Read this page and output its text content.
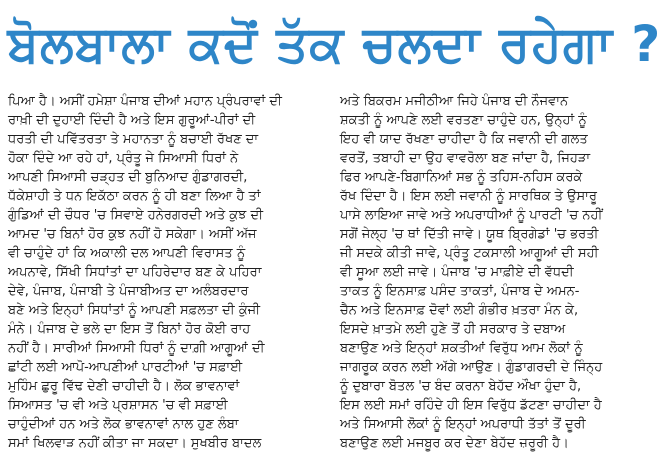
ਬੋਲਬਾਲਾ ਕਦੋਂ ਤੱਕ ਚਲਦਾ ਰਹੇਗਾ ?
ਪਿਆ ਹੈ। ਅਸੀਂ ਹਮੇਸ਼ਾ ਪੰਜਾਬ ਦੀਆਂ ਮਹਾਨ ਪ੍ਰੰਪਰਾਵਾਂ ਦੀ
ਰਾਖ਼ੀ ਦੀ ਦੁਹਾਈ ਦਿੰਦੀ ਹੈ ਅਤੇ ਇਸ ਗੁਰੂਆਂ-ਪੀਰਾਂ ਦੀ
ਧਰਤੀ ਦੀ ਪਵਿੱਤਰਤਾ ਤੇ ਮਹਾਨਤਾ ਨੂੰ ਬਚਾਈ ਰੱਖਣ ਦਾ
ਹੋਕਾ ਦਿੰਦੇ ਆ ਰਹੇ ਹਾਂ, ਪ੍ਰੰਤੂ ਜੇ ਸਿਆਸੀ ਧਿਰਾਂ ਨੇ
ਆਪਣੀ ਸਿਆਸੀ ਚੜ੍ਹਤ ਦੀ ਬੁਨਿਆਦ ਗੁੰਡਾਗਰਦੀ,
ਧੱਕੇਸ਼ਾਹੀ ਤੇ ਧਨ ਇਕੱਠਾ ਕਰਨ ਨੂੰ ਹੀ ਬਣਾ ਲਿਆ ਹੈ ਤਾਂ
ਗੁੰਡਿਆਂ ਦੀ ਚੌਧਰ 'ਚ ਸਿਵਾਏ ਹਨੇਰਗਰਦੀ ਅਤੇ ਕੁਝ ਦੀ
ਆਮਦ 'ਚ ਬਿਨਾਂ ਹੋਰ ਕੁਝ ਨਹੀਂ ਹੋ ਸਕੇਗਾ। ਅਸੀਂ ਅੱਜ
ਵੀ ਚਾਹੁੰਦੇ ਹਾਂ ਕਿ ਅਕਾਲੀ ਦਲ ਆਪਣੀ ਵਿਰਾਸਤ ਨੂੰ
ਅਪਨਾਵੇ, ਸਿੱਖੀ ਸਿਧਾਂਤਾਂ ਦਾ ਪਹਿਰੇਦਾਰ ਬਣ ਕੇ ਪਹਿਰਾ
ਦੇਵੇ, ਪੰਜਾਬ, ਪੰਜਾਬੀ ਤੇ ਪੰਜਾਬੀਅਤ ਦਾ ਅਲੰਬਰਦਾਰ
ਬਣੇ ਅਤੇ ਇਨ੍ਹਾਂ ਸਿਧਾਂਤਾਂ ਨੂੰ ਆਪਣੀ ਸਫ਼ਲਤਾ ਦੀ ਕੁੰਜੀ
ਮੰਨੇ। ਪੰਜਾਬ ਦੇ ਭਲੇ ਦਾ ਇਸ ਤੋਂ ਬਿਨਾਂ ਹੋਰ ਕੋਈ ਰਾਹ
ਨਹੀਂ ਹੈ। ਸਾਰੀਆਂ ਸਿਆਸੀ ਧਿਰਾਂ ਨੂੰ ਦਾਗ਼ੀ ਆਗੂਆਂ ਦੀ
ਛਾਂਟੀ ਲਈ ਆਪੋ-ਆਪਣੀਆਂ ਪਾਰਟੀਆਂ 'ਚ ਸਫ਼ਾਈ
ਮੁਹਿੰਮ ਛੁਰੂ ਵਿੱਢ ਦੇਣੀ ਚਾਹੀਦੀ ਹੈ। ਲੋਕ ਭਾਵਨਾਵਾਂ
ਸਿਆਸਤ 'ਚ ਵੀ ਅਤੇ ਪ੍ਰਸ਼ਾਸਨ 'ਚ ਵੀ ਸਫ਼ਾਈ
ਚਾਹੁੰਦੀਆਂ ਹਨ ਅਤੇ ਲੋਕ ਭਾਵਨਾਵਾਂ ਨਾਲ ਹੁਣ ਲੰਬਾ
ਸਮਾਂ ਖਿਲਵਾੜ ਨਹੀਂ ਕੀਤਾ ਜਾ ਸਕਦਾ। ਸੁਖਬੀਰ ਬਾਦਲ
ਅਤੇ ਬਿਕਰਮ ਮਜੀਠੀਆ ਜਿਹੇ ਪੰਜਾਬ ਦੀ ਨੌਜਵਾਨ
ਸ਼ਕਤੀ ਨੂੰ ਆਪਣੇ ਲਈ ਵਰਤਣਾ ਚਾਹੁੰਦੇ ਹਨ, ਉਨ੍ਹਾਂ ਨੂੰ
ਇਹ ਵੀ ਯਾਦ ਰੱਖਣਾ ਚਾਹੀਦਾ ਹੈ ਕਿ ਜਵਾਨੀ ਦੀ ਗਲਤ
ਵਰਤੋਂ, ਤਬਾਹੀ ਦਾ ਉਹ ਵਾਵਰੋਲਾ ਬਣ ਜਾਂਦਾ ਹੈ, ਜਿਹੜਾ
ਫਿਰ ਆਪਣੇ-ਬਿਗਾਨਿਆਂ ਸਭ ਨੂੰ ਤਹਿਸ-ਨਹਿਸ ਕਰਕੇ
ਰੱਖ ਦਿੰਦਾ ਹੈ। ਇਸ ਲਈ ਜਵਾਨੀ ਨੂੰ ਸਾਰਥਿਕ ਤੇ ਉਸਾਰੂ
ਪਾਸੇ ਲਾਇਆ ਜਾਵੇ ਅਤੇ ਅਪਰਾਧੀਆਂ ਨੂੰ ਪਾਰਟੀ 'ਚ ਨਹੀਂ
ਸਗੋਂ ਜੇਲ੍ਹ 'ਚ ਥਾਂ ਦਿੱਤੀ ਜਾਵੇ। ਯੂਥ ਬ੍ਰਿਗੇਡਾਂ 'ਚ ਭਰਤੀ
ਜੀ ਸਦਕੇ ਕੀਤੀ ਜਾਵੇ, ਪ੍ਰੰਤੂ ਟਕਸਾਲੀ ਆਗੂਆਂ ਦੀ ਸਹੀ
ਵੀ ਸੂਆ ਲਈ ਜਾਵੇ। ਪੰਜਾਬ 'ਚ ਮਾਫ਼ੀਏ ਦੀ ਵੱਧਦੀ
ਤਾਕਤ ਨੂੰ ਇਨਸਾਫ਼ ਪਸੰਦ ਤਾਕਤਾਂ, ਪੰਜਾਬ ਦੇ ਅਮਨ-
ਚੈਨ ਅਤੇ ਇਨਸਾਫ਼ ਦੋਵਾਂ ਲਈ ਗੰਭੀਰ ਖ਼ਤਰਾ ਮੰਨ ਕੇ,
ਇਸਦੇ ਖ਼ਾਤਮੇ ਲਈ ਹੁਣੇ ਤੋਂ ਹੀ ਸਰਕਾਰ ਤੇ ਦਬਾਅ
ਬਣਾਉਣ ਅਤੇ ਇਨ੍ਹਾਂ ਸ਼ਕਤੀਆਂ ਵਿਰੁੱਧ ਆਮ ਲੋਕਾਂ ਨੂੰ
ਜਾਗਰੂਕ ਕਰਨ ਲਈ ਅੱਗੇ ਆਉਣ। ਗੁੰਡਾਗਰਦੀ ਦੇ ਜਿੰਨ੍ਹ
ਨੂੰ ਦੁਬਾਰਾ ਬੋਤਲ 'ਚ ਬੰਦ ਕਰਨਾ ਬੇਹੱਦ ਔਖਾ ਹੁੰਦਾ ਹੈ,
ਇਸ ਲਈ ਸਮਾਂ ਰਹਿੰਦੇ ਹੀ ਇਸ ਵਿਰੁੱਧ ਡੱਟਣਾ ਚਾਹੀਦਾ ਹੈ
ਅਤੇ ਸਿਆਸੀ ਲੋਕਾਂ ਨੂੰ ਇਨ੍ਹਾਂ ਅਪਰਾਧੀ ਤੱਤਾਂ ਤੋਂ ਦੂਰੀ
ਬਣਾਉਣ ਲਈ ਮਜਬੂਰ ਕਰ ਦੇਣਾ ਬੇਹੱਦ ਜ਼ਰੂਰੀ ਹੈ।
